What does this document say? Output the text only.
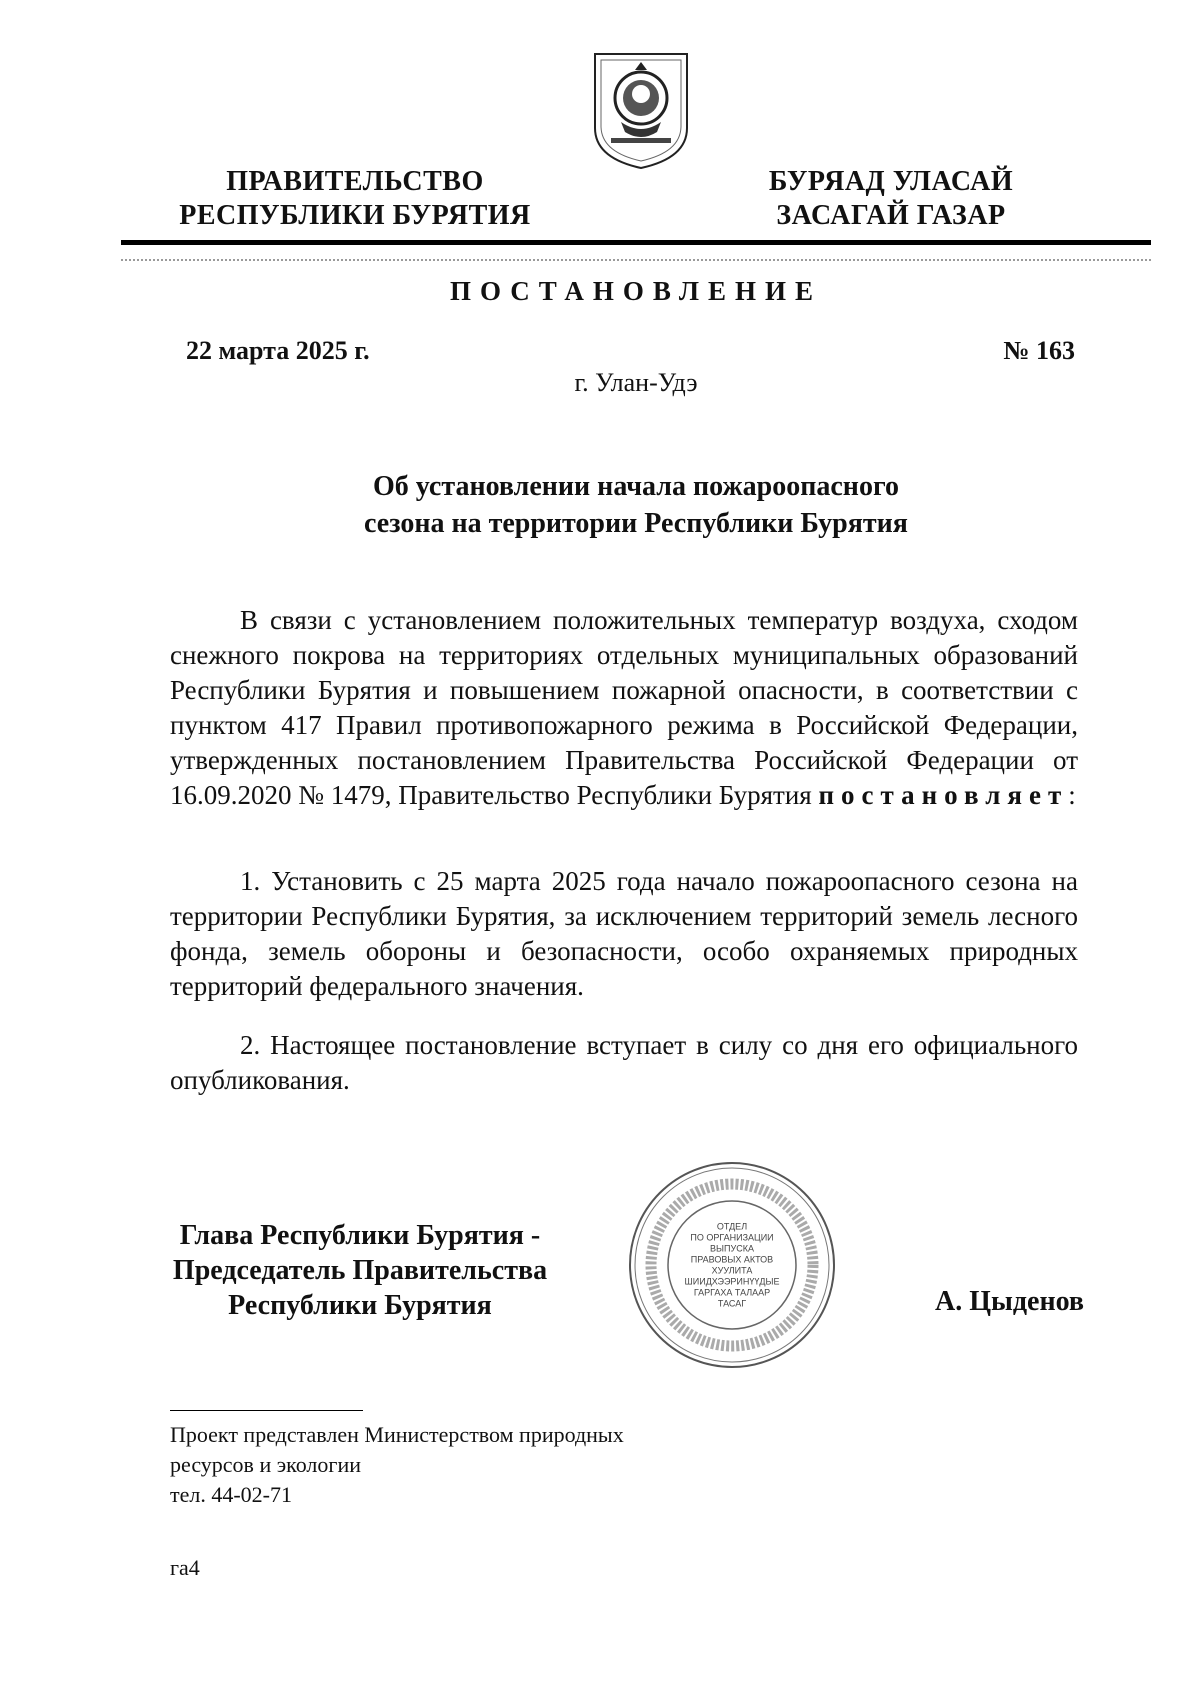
ПРАВИТЕЛЬСТВО
РЕСПУБЛИКИ БУРЯТИЯ
БУРЯАД УЛАСАЙ
ЗАСАГАЙ ГАЗАР
ПОСТАНОВЛЕНИЕ
22 марта 2025 г.	№ 163
г. Улан-Удэ
Об установлении начала пожароопасного
сезона на территории Республики Бурятия
В связи с установлением положительных температур воздуха, сходом снежного покрова на территориях отдельных муниципальных образований Республики Бурятия и повышением пожарной опасности, в соответствии с пунктом 417 Правил противопожарного режима в Российской Федерации, утвержденных постановлением Правительства Российской Федерации от 16.09.2020 № 1479, Правительство Республики Бурятия постановляет:
1. Установить с 25 марта 2025 года начало пожароопасного сезона на территории Республики Бурятия, за исключением территорий земель лесного фонда, земель обороны и безопасности, особо охраняемых природных территорий федерального значения.
2. Настоящее постановление вступает в силу со дня его официального опубликования.
Глава Республики Бурятия -
Председатель Правительства
Республики Бурятия
ОТДЕЛ
ПО ОРГАНИЗАЦИИ
ВЫПУСКА
ПРАВОВЫХ АКТОВ
ХУУЛИТА
ШИИДХЭЭРИНҮҮДЫЕ
ГАРГАХА ТАЛААР
ТАСАГ	А. Цыденов
Проект представлен Министерством природных
ресурсов и экологии
тел. 44-02-71
га4
